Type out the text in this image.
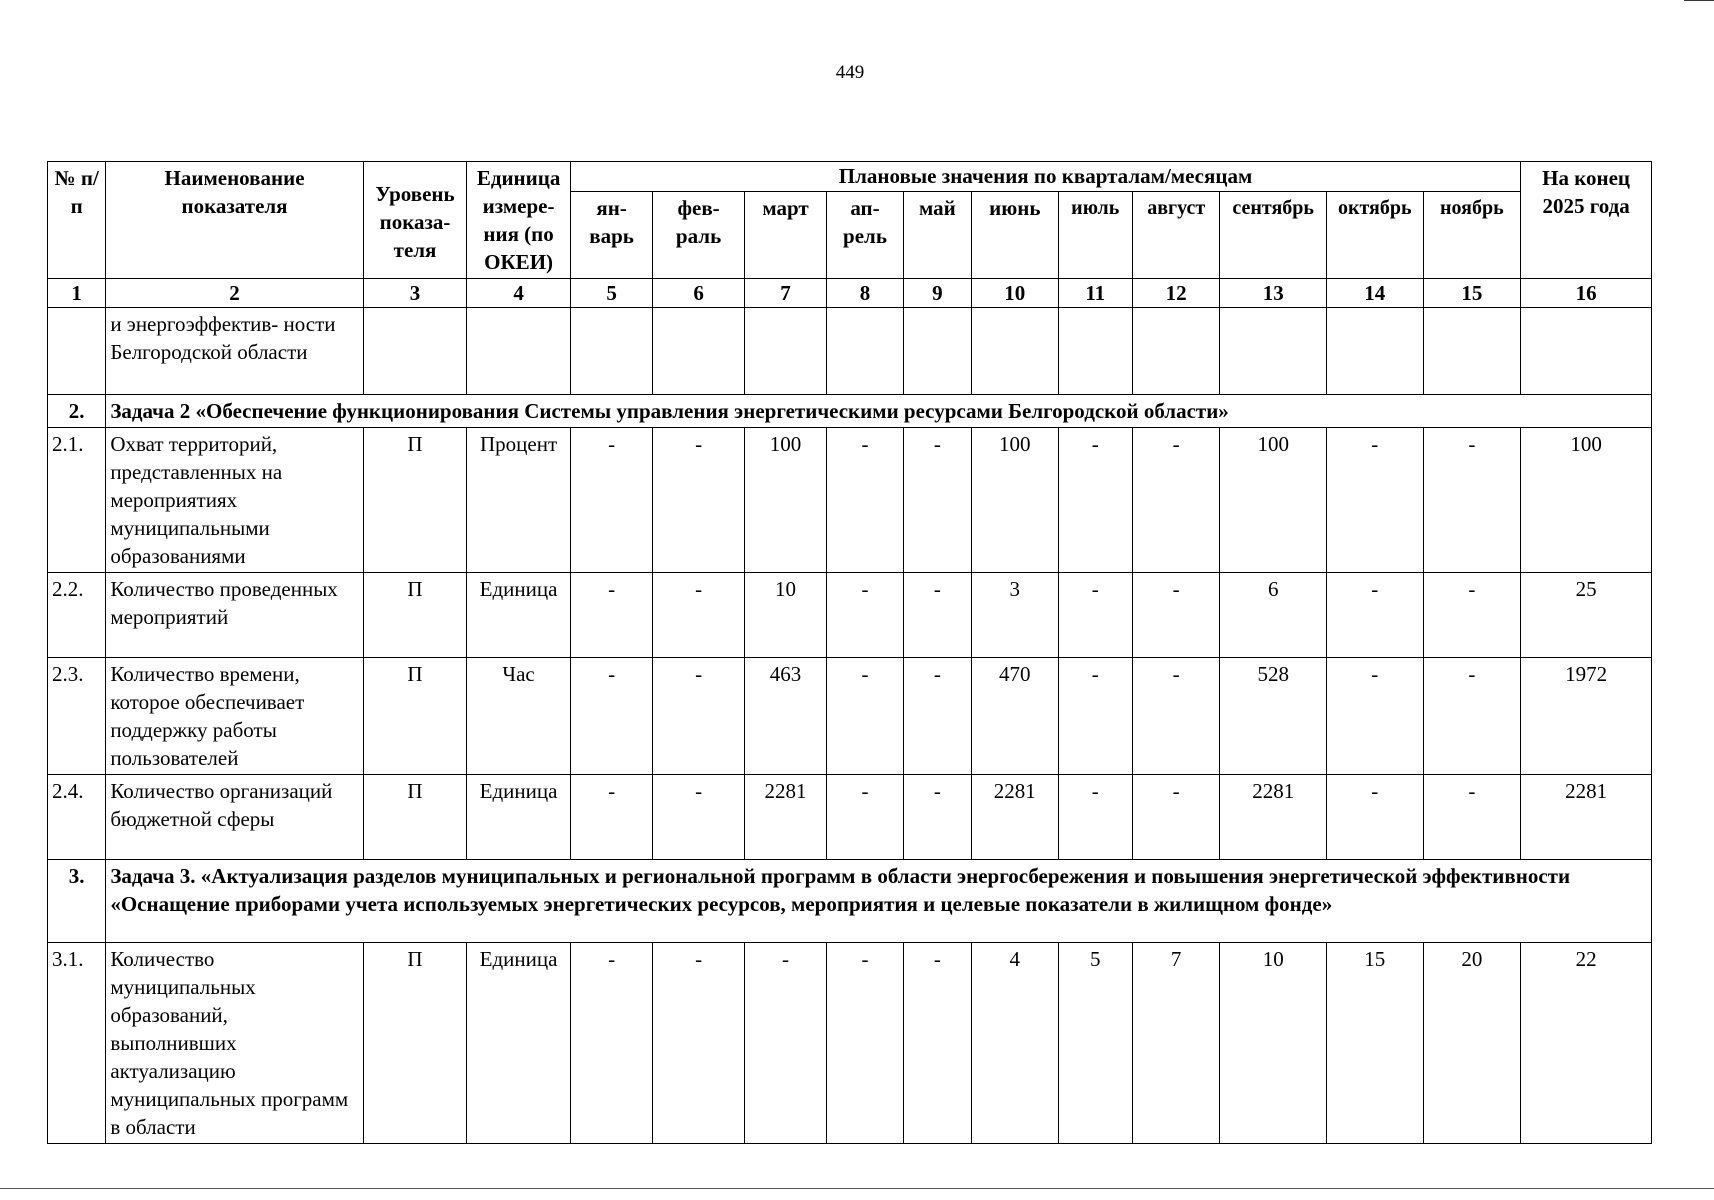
449
№ п/п	Наименование показателя	Уровень показа- теля	Единица измере- ния (по ОКЕИ)	Плановые значения по кварталам/месяцам											На конец 2025 года
				ян- варь	фев- раль	март	ап- рель	май	июнь	июль	август	сентябрь	октябрь	ноябрь	
1	2	3	4	5	6	7	8	9	10	11	12	13	14	15	16
	и энергоэффектив- ности Белгородской области														
2.	Задача 2 «Обеспечение функционирования Системы управления энергетическими ресурсами Белгородской области»														
2.1.	Охват территорий, представленных на мероприятиях муниципальными образованиями	П	Процент	-	-	100	-	-	100	-	-	100	-	-	100
2.2.	Количество проведенных мероприятий	П	Единица	-	-	10	-	-	3	-	-	6	-	-	25
2.3.	Количество времени, которое обеспечивает поддержку работы пользователей	П	Час	-	-	463	-	-	470	-	-	528	-	-	1972
2.4.	Количество организаций бюджетной сферы	П	Единица	-	-	2281	-	-	2281	-	-	2281	-	-	2281
3.	Задача 3. «Актуализация разделов муниципальных и региональной программ в области энергосбережения и повышения энергетической эффективности «Оснащение приборами учета используемых энергетических ресурсов, мероприятия и целевые показатели в жилищном фонде»														
3.1.	Количество муниципальных образований, выполнивших актуализацию муниципальных программ в области	П	Единица	-	-	-	-	-	4	5	7	10	15	20	22
